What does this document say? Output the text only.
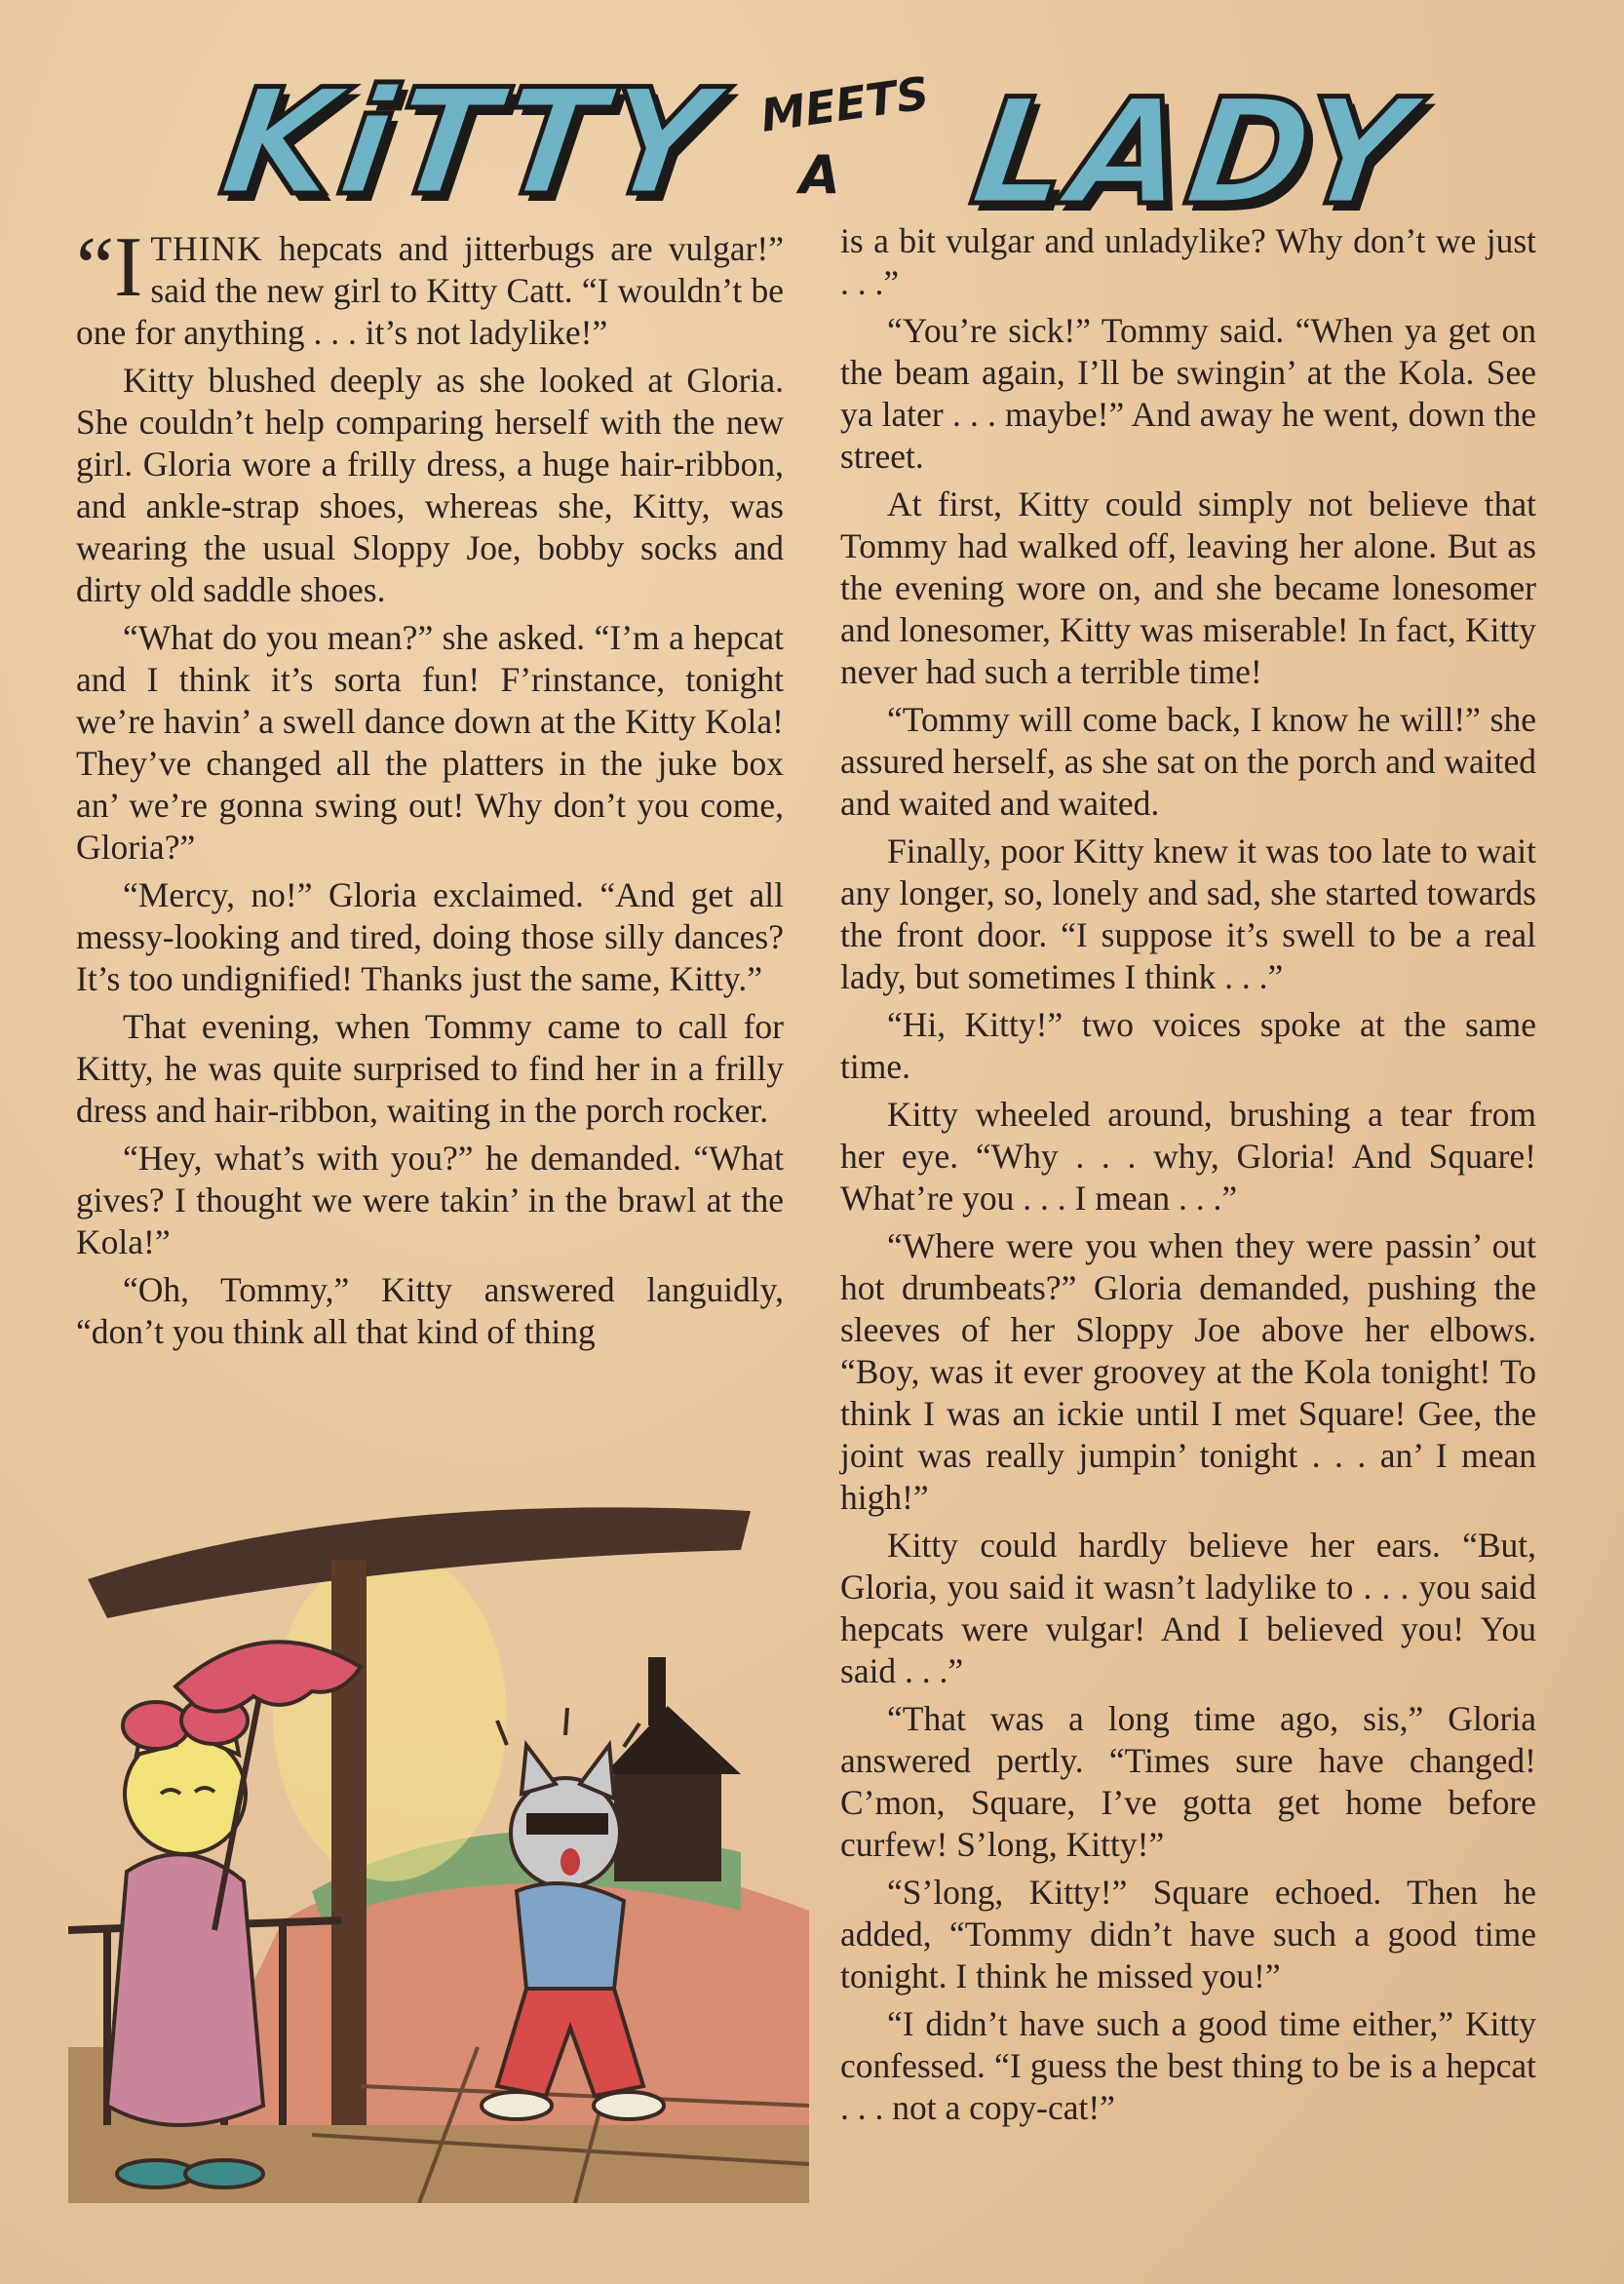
KiTTY MEETS
A LADY

“ITHINK hepcats and jitterbugs are vulgar!” said the new girl to Kitty Catt. “I wouldn’t be one for anything . . . it’s not ladylike!”

Kitty blushed deeply as she looked at Gloria. She couldn’t help comparing herself with the new girl. Gloria wore a frilly dress, a huge hair-ribbon, and ankle-strap shoes, whereas she, Kitty, was wearing the usual Sloppy Joe, bobby socks and dirty old saddle shoes.

“What do you mean?” she asked. “I’m a hepcat and I think it’s sorta fun! F’rinstance, tonight we’re havin’ a swell dance down at the Kitty Kola! They’ve changed all the platters in the juke box an’ we’re gonna swing out! Why don’t you come, Gloria?”

“Mercy, no!” Gloria exclaimed. “And get all messy-looking and tired, doing those silly dances? It’s too undignified! Thanks just the same, Kitty.”

That evening, when Tommy came to call for Kitty, he was quite surprised to find her in a frilly dress and hair-ribbon, waiting in the porch rocker.

“Hey, what’s with you?” he demanded. “What gives? I thought we were takin’ in the brawl at the Kola!”

“Oh, Tommy,” Kitty answered languidly, “don’t you think all that kind of thing

is a bit vulgar and unladylike? Why don’t we just . . .”

“You’re sick!” Tommy said. “When ya get on the beam again, I’ll be swingin’ at the Kola. See ya later . . . maybe!” And away he went, down the street.

At first, Kitty could simply not believe that Tommy had walked off, leaving her alone. But as the evening wore on, and she became lonesomer and lonesomer, Kitty was miserable! In fact, Kitty never had such a terrible time!

“Tommy will come back, I know he will!” she assured herself, as she sat on the porch and waited and waited and waited.

Finally, poor Kitty knew it was too late to wait any longer, so, lonely and sad, she started towards the front door. “I suppose it’s swell to be a real lady, but sometimes I think . . .”

“Hi, Kitty!” two voices spoke at the same time.

Kitty wheeled around, brushing a tear from her eye. “Why . . . why, Gloria! And Square! What’re you . . . I mean . . .”

“Where were you when they were passin’ out hot drumbeats?” Gloria demanded, pushing the sleeves of her Sloppy Joe above her elbows. “Boy, was it ever groovey at the Kola tonight! To think I was an ickie until I met Square! Gee, the joint was really jumpin’ tonight . . . an’ I mean high!”

Kitty could hardly believe her ears. “But, Gloria, you said it wasn’t ladylike to . . . you said hepcats were vulgar! And I believed you! You said . . .”

“That was a long time ago, sis,” Gloria answered pertly. “Times sure have changed! C’mon, Square, I’ve gotta get home before curfew! S’long, Kitty!”

“S’long, Kitty!” Square echoed. Then he added, “Tommy didn’t have such a good time tonight. I think he missed you!”

“I didn’t have such a good time either,” Kitty confessed. “I guess the best thing to be is a hepcat . . . not a copy-cat!”
